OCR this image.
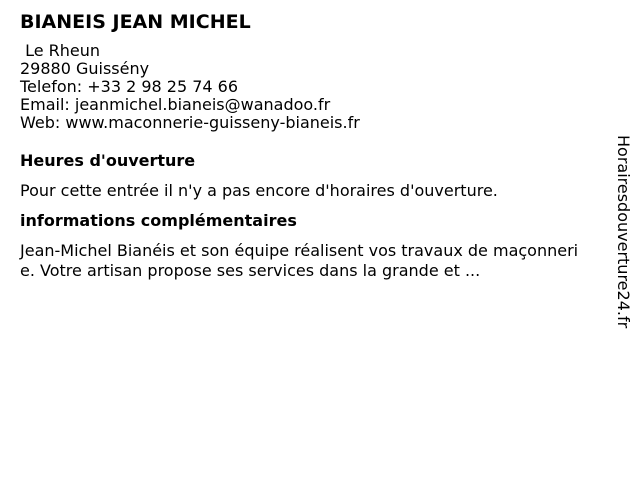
BIANEIS JEAN MICHEL
Le Rheun
29880 Guissény
Telefon: +33 2 98 25 74 66
Email: jeanmichel.bianeis@wanadoo.fr
Web: www.maconnerie-guisseny-bianeis.fr
Heures d'ouverture
Pour cette entrée il n'y a pas encore d'horaires d'ouverture.
informations complémentaires
Jean-Michel Bianéis et son équipe réalisent vos travaux de maçonnerie. Votre artisan propose ses services dans la grande et ...	Horairesdouverture24.fr
